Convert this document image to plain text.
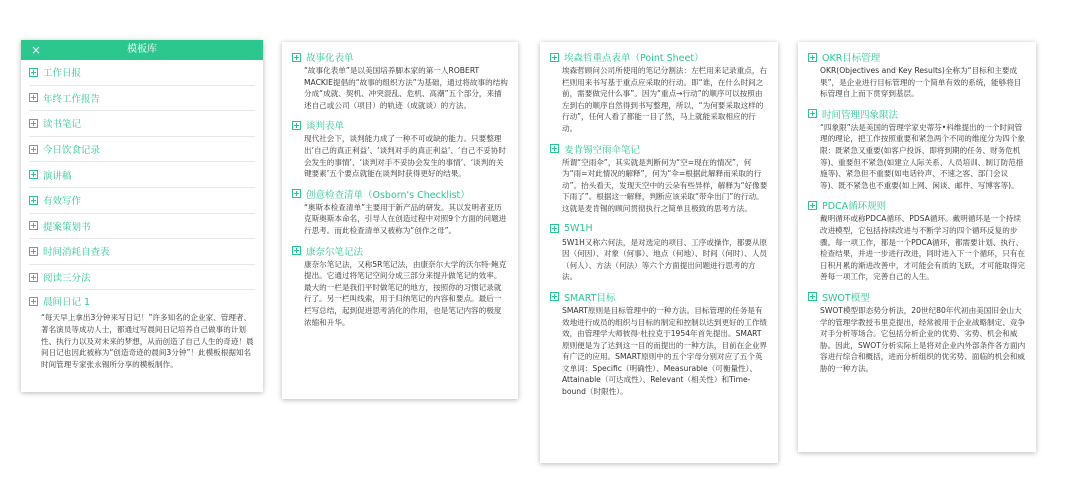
×	模板库
工作日报
年终工作报告
读书笔记
今日饮食记录
演讲稿
有效写作
提案策划书
时间消耗自查表
阅读三分法
晨间日记 1
“每天早上拿出3分钟来写日记！”许多知名的企业家、管理者、著名演员等成功人士，都通过写晨间日记培养自己做事的计划性、执行力以及对未来的梦想，从而创造了自己人生的奇迹！晨间日记也因此被称为“创造奇迹的晨间3分钟”！此模板根据知名时间管理专家张永锡所分享的模板制作。
故事化表单
“故事化表单”是以美国培养脚本家的第一人ROBERT MACKIE提倡的“故事的组织方法”为基础，通过将故事的结构分成“成就、契机、冲突混乱、危机、高潮”五个部分，来描述自己或公司（项目）的轨迹（成就谈）的方法。
谈判表单
现代社会下，谈判能力成了一种不可或缺的能力。只要整理出‘自己的真正利益’、‘谈判对手的真正利益’、‘自己不妥协时会发生的事情’、‘谈判对手不妥协会发生的事情’、‘谈判的关键要素’五个要点就能在谈判时获得更好的结果。
创意检查清单（Osborn's Checklist）
“奥斯本检查清单”主要用于新产品的研发。其以发明者亚历克斯奥斯本命名，引导人在创造过程中对照9个方面的问题进行思考。而此检查清单又被称为“创作之母”。
康奈尔笔记法
康奈尔笔记法，又称5R笔记法，由康奈尔大学的沃尔特·鲍克提出。它通过将笔记空间分成三部分来提升做笔记的效率。最大的一栏是我们平时做笔记的地方，按照你的习惯记录就行了。另一栏叫线索，用于归纳笔记的内容和要点。最后一栏写总结，起到促进思考消化的作用，也是笔记内容的极度浓缩和升华。
埃森哲重点表单（Point Sheet）
埃森哲顾问公司所使用的笔记分割法：左栏用来记录重点，右栏则用来书写基于重点应采取的行动。即“谁，在什么时间之前，需要做完什么事”。因为“重点→行动”的顺序可以按照由左到右的顺序自然得到书写整理，所以，“为何要采取这样的行动”，任何人看了都能一目了然，马上就能采取相应的行动。
麦肯锡空雨伞笔记
所谓“空雨伞”，其实就是判断何为“空=现在的情况”，何为“雨=对此情况的解释”，何为“伞=根据此解释而采取的行动”。抬头看天，发现天空中的云朵有些异样，解释为“好像要下雨了”。根据这一解释，判断应该采取“带伞出门”的行动。这就是麦肯锡的顾问贯彻执行之简单且极致的思考方法。
5W1H
5W1H又称六何法，是对选定的项目、工序或操作，都要从原因（何因）、对象（何事）、地点（何地）、时间（何时）、人员（何人）、方法（何法）等六个方面提出问题进行思考的方法。
SMART目标
SMART原则是目标管理中的一种方法。目标管理的任务是有效地进行成员的组织与目标的制定和控制以达到更好的工作绩效，由管理学大师彼得·杜拉克于1954年首先提出。SMART原则便是为了达到这一目的而提出的一种方法，目前在企业界有广泛的应用。SMART原则中的五个字母分别对应了五个英文单词：Specific（明确性）、Measurable（可衡量性）、Attainable（可达成性）、Relevant（相关性）和Time-bound（时限性）。
OKR目标管理
OKR(Objectives and Key Results)全称为“目标和主要成果”，是企业进行目标管理的一个简单有效的系统，能够将目标管理自上而下贯穿到基层。
时间管理四象限法
“四象限”法是美国的管理学家史蒂芬•科维提出的一个时间管理的理论，把工作按照重要和紧急两个不同的维度分为四个象限：既紧急又重要(如客户投诉、即将到期的任务、财务危机等)、重要但不紧急(如建立人际关系、人员培训、制订防范措施等)、紧急但不重要(如电话铃声、不速之客、部门会议等)、既不紧急也不重要(如上网、闲谈、邮件、写博客等)。
PDCA循环规则
戴明循环或称PDCA循环、PDSA循环。戴明循环是一个持续改进模型，它包括持续改进与不断学习的四个循环反复的步骤。每一项工作，都是一个PDCA循环，都需要计划、执行、检查结果，并进一步进行改进，同时进入下一个循环，只有在日积月累的渐进改善中，才可能会有质的飞跃，才可能取得完善每一项工作，完善自己的人生。
SWOT模型
SWOT模型即态势分析法，20世纪80年代初由美国旧金山大学的管理学教授韦里克提出，经常被用于企业战略制定、竞争对手分析等场合。它包括分析企业的优势、劣势、机会和威胁。因此，SWOT分析实际上是将对企业内外部条件各方面内容进行综合和概括，进而分析组织的优劣势、面临的机会和威胁的一种方法。
